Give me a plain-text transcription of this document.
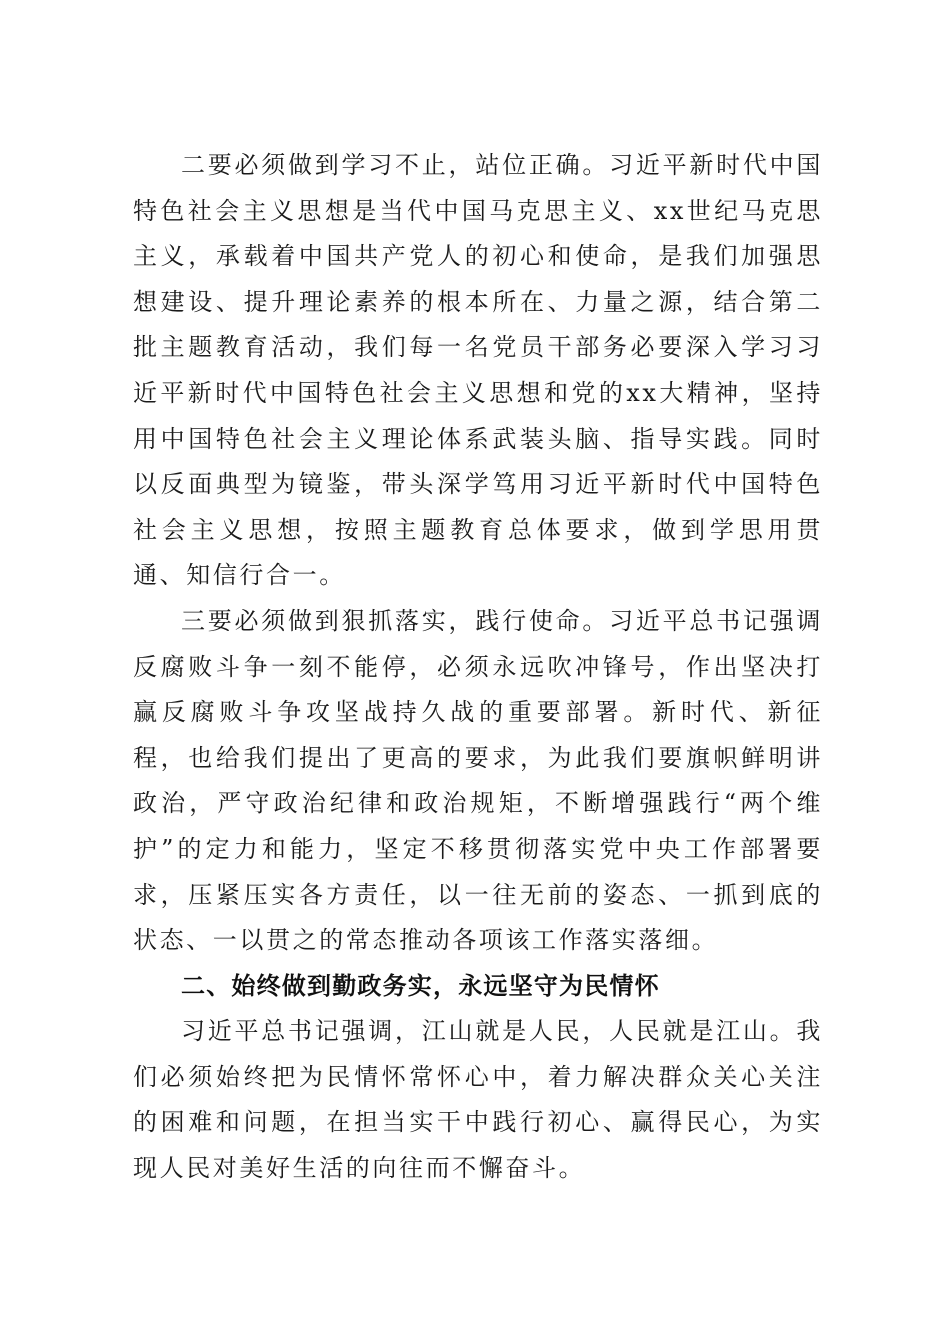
二要必须做到学习不止，站位正确。习近平新时代中国特色社会主义思想是当代中国马克思主义、xx世纪马克思主义，承载着中国共产党人的初心和使命，是我们加强思想建设、提升理论素养的根本所在、力量之源，结合第二批主题教育活动，我们每一名党员干部务必要深入学习习近平新时代中国特色社会主义思想和党的xx大精神，坚持用中国特色社会主义理论体系武装头脑、指导实践。同时以反面典型为镜鉴，带头深学笃用习近平新时代中国特色社会主义思想，按照主题教育总体要求，做到学思用贯通、知信行合一。

三要必须做到狠抓落实，践行使命。习近平总书记强调反腐败斗争一刻不能停，必须永远吹冲锋号，作出坚决打赢反腐败斗争攻坚战持久战的重要部署。新时代、新征程，也给我们提出了更高的要求，为此我们要旗帜鲜明讲政治，严守政治纪律和政治规矩，不断增强践行“两个维护”的定力和能力，坚定不移贯彻落实党中央工作部署要求，压紧压实各方责任，以一往无前的姿态、一抓到底的状态、一以贯之的常态推动各项该工作落实落细。

二、始终做到勤政务实，永远坚守为民情怀

习近平总书记强调，江山就是人民，人民就是江山。我们必须始终把为民情怀常怀心中，着力解决群众关心关注的困难和问题，在担当实干中践行初心、赢得民心，为实现人民对美好生活的向往而不懈奋斗。
